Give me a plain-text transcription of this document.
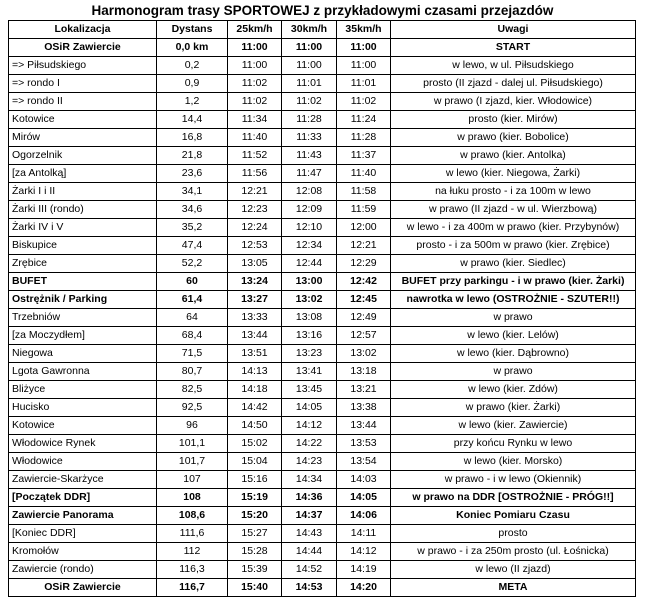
Harmonogram trasy SPORTOWEJ z przykładowymi czasami przejazdów
Lokalizacja	Dystans	25km/h	30km/h	35km/h	Uwagi
OSiR Zawiercie	0,0 km	11:00	11:00	11:00	START
=> Piłsudskiego	0,2	11:00	11:00	11:00	w lewo, w ul. Piłsudskiego
=> rondo I	0,9	11:02	11:01	11:01	prosto (II zjazd - dalej ul. Piłsudskiego)
=> rondo II	1,2	11:02	11:02	11:02	w prawo (I zjazd, kier. Włodowice)
Kotowice	14,4	11:34	11:28	11:24	prosto (kier. Mirów)
Mirów	16,8	11:40	11:33	11:28	w prawo (kier. Bobolice)
Ogorzelnik	21,8	11:52	11:43	11:37	w prawo (kier. Antolka)
[za Antolką]	23,6	11:56	11:47	11:40	w lewo (kier. Niegowa, Żarki)
Żarki I i II	34,1	12:21	12:08	11:58	na łuku prosto - i za 100m w lewo
Żarki III (rondo)	34,6	12:23	12:09	11:59	w prawo (II zjazd - w ul. Wierzbową)
Żarki IV i V	35,2	12:24	12:10	12:00	w lewo - i za 400m w prawo (kier. Przybynów)
Biskupice	47,4	12:53	12:34	12:21	prosto - i za 500m w prawo (kier. Zrębice)
Zrębice	52,2	13:05	12:44	12:29	w prawo (kier. Siedlec)
BUFET	60	13:24	13:00	12:42	BUFET przy parkingu - i w prawo (kier. Żarki)
Ostrężnik / Parking	61,4	13:27	13:02	12:45	nawrotka w lewo (OSTROŻNIE - SZUTER!!)
Trzebniów	64	13:33	13:08	12:49	w prawo
[za Moczydłem]	68,4	13:44	13:16	12:57	w lewo (kier. Lelów)
Niegowa	71,5	13:51	13:23	13:02	w lewo (kier. Dąbrowno)
Lgota Gawronna	80,7	14:13	13:41	13:18	w prawo
Bliżyce	82,5	14:18	13:45	13:21	w lewo (kier. Zdów)
Hucisko	92,5	14:42	14:05	13:38	w prawo (kier. Żarki)
Kotowice	96	14:50	14:12	13:44	w lewo (kier. Zawiercie)
Włodowice Rynek	101,1	15:02	14:22	13:53	przy końcu Rynku w lewo
Włodowice	101,7	15:04	14:23	13:54	w lewo (kier. Morsko)
Zawiercie-Skarżyce	107	15:16	14:34	14:03	w prawo - i w lewo (Okiennik)
[Początek DDR]	108	15:19	14:36	14:05	w prawo na DDR [OSTROŻNIE - PRÓG!!]
Zawiercie Panorama	108,6	15:20	14:37	14:06	Koniec Pomiaru Czasu
[Koniec DDR]	111,6	15:27	14:43	14:11	prosto
Kromołów	112	15:28	14:44	14:12	w prawo - i za 250m prosto (ul. Łośnicka)
Zawiercie (rondo)	116,3	15:39	14:52	14:19	w lewo (II zjazd)
OSiR Zawiercie	116,7	15:40	14:53	14:20	META
